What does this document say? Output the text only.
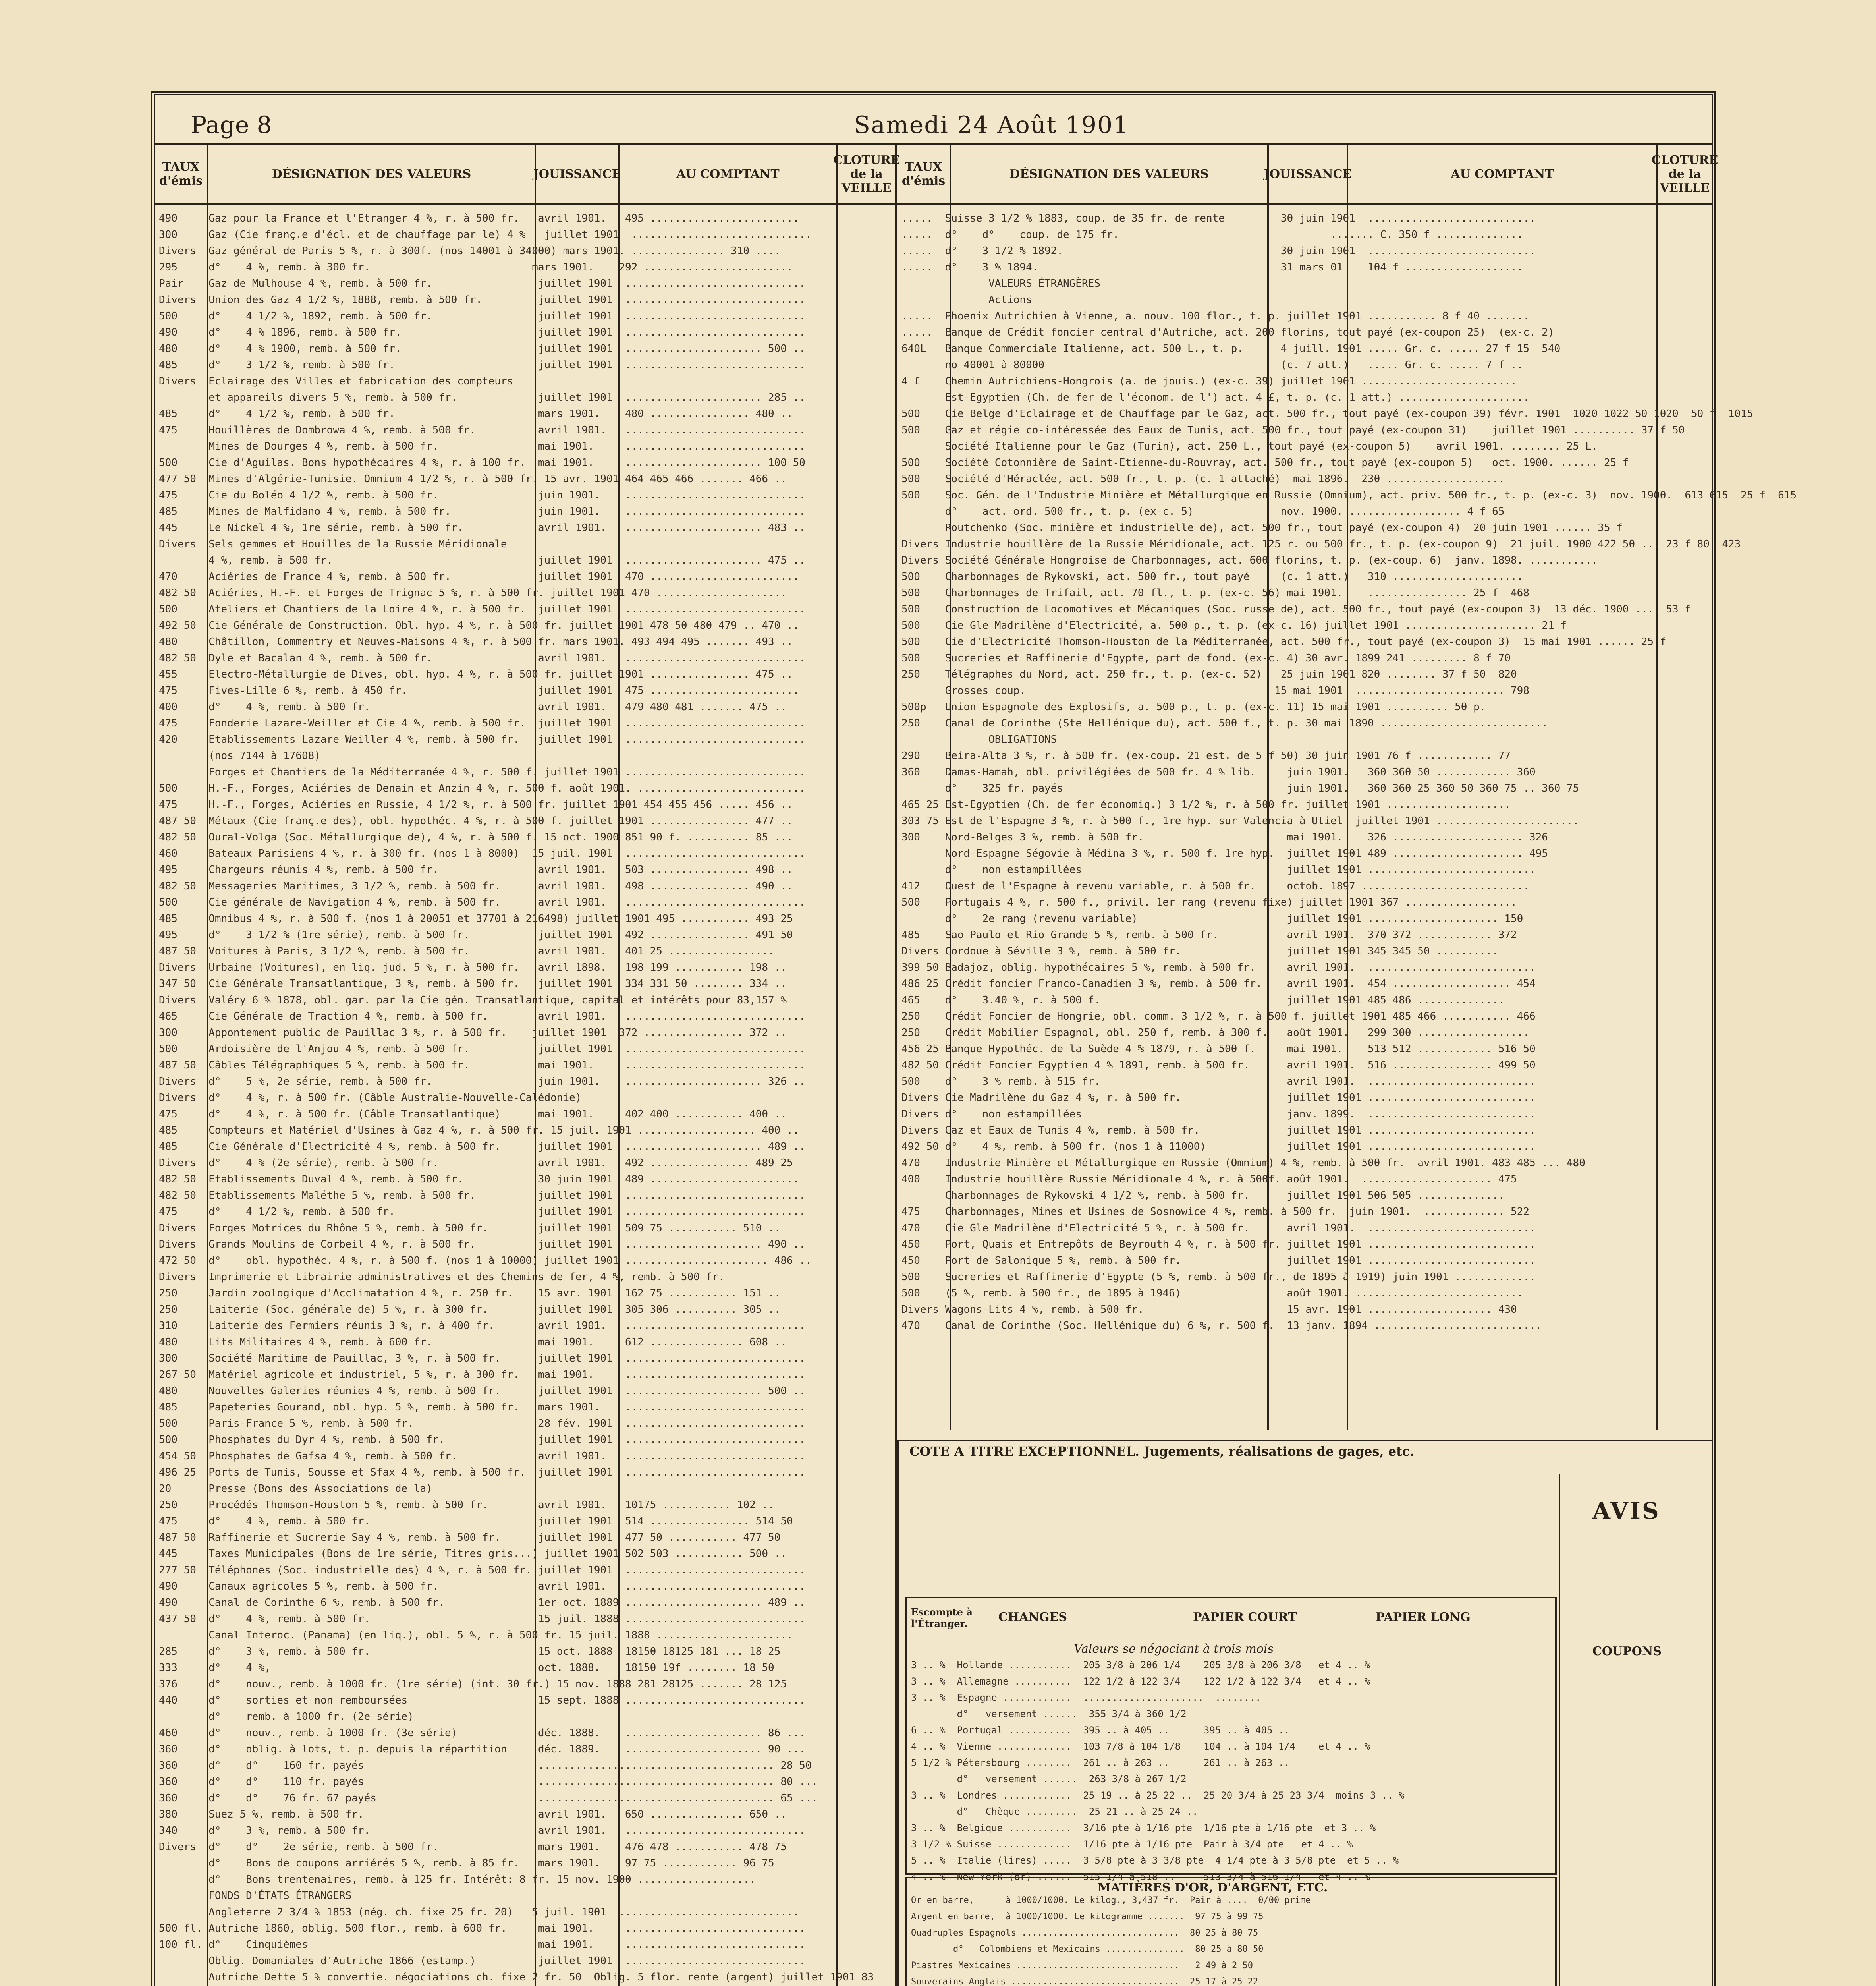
Page 8	Samedi 24 Août 1901
TAUX d'émis	DÉSIGNATION DES VALEURS	JOUISSANCE	AU COMPTANT
CLOTURE de la VEILLE
TAUX d'émis	DÉSIGNATION DES VALEURS	JOUISSANCE	AU COMPTANT
CLOTURE de la VEILLE
490     Gaz pour la France et l'Etranger 4 %, r. à 500 fr.   avril 1901.   495 ........................
300     Gaz (Cie franç.e d'écl. et de chauffage par le) 4 %   juillet 1901  .............................
Divers  Gaz général de Paris 5 %, r. à 300f. (nos 14001 à 34000) mars 1901. ............... 310 ....
295     d°    4 %, remb. à 300 fr.                          mars 1901.    292 ........................
Pair    Gaz de Mulhouse 4 %, remb. à 500 fr.                 juillet 1901  .............................
Divers  Union des Gaz 4 1/2 %, 1888, remb. à 500 fr.         juillet 1901  .............................
500     d°    4 1/2 %, 1892, remb. à 500 fr.                 juillet 1901  .............................
490     d°    4 % 1896, remb. à 500 fr.                      juillet 1901  .............................
480     d°    4 % 1900, remb. à 500 fr.                      juillet 1901  ...................... 500 ..
485     d°    3 1/2 %, remb. à 500 fr.                       juillet 1901  .............................
Divers  Eclairage des Villes et fabrication des compteurs
et appareils divers 5 %, remb. à 500 fr.             juillet 1901  ...................... 285 ..
485     d°    4 1/2 %, remb. à 500 fr.                       mars 1901.    480 ................ 480 ..
475     Houillères de Dombrowa 4 %, remb. à 500 fr.          avril 1901.   .............................
Mines de Dourges 4 %, remb. à 500 fr.                mai 1901.     .............................
500     Cie d'Aguilas. Bons hypothécaires 4 %, r. à 100 fr.  mai 1901.     ...................... 100 50
477 50  Mines d'Algérie-Tunisie. Omnium 4 1/2 %, r. à 500 fr. 15 avr. 1901 464 465 466 ....... 466 ..
475     Cie du Boléo 4 1/2 %, remb. à 500 fr.                juin 1901.    .............................
485     Mines de Malfidano 4 %, remb. à 500 fr.              juin 1901.    .............................
445     Le Nickel 4 %, 1re série, remb. à 500 fr.            avril 1901.   ...................... 483 ..
Divers  Sels gemmes et Houilles de la Russie Méridionale
4 %, remb. à 500 fr.                                 juillet 1901  ...................... 475 ..
470     Aciéries de France 4 %, remb. à 500 fr.              juillet 1901  470 ........................
482 50  Aciéries, H.-F. et Forges de Trignac 5 %, r. à 500 fr. juillet 1901 470 .....................
500     Ateliers et Chantiers de la Loire 4 %, r. à 500 fr.  juillet 1901  .............................
492 50  Cie Générale de Construction. Obl. hyp. 4 %, r. à 500 fr. juillet 1901 478 50 480 479 .. 470 ..
480     Châtillon, Commentry et Neuves-Maisons 4 %, r. à 500 fr. mars 1901. 493 494 495 ....... 493 ..
482 50  Dyle et Bacalan 4 %, remb. à 500 fr.                 avril 1901.   .............................
455     Electro-Métallurgie de Dives, obl. hyp. 4 %, r. à 500 fr. juillet 1901 ................ 475 ..
475     Fives-Lille 6 %, remb. à 450 fr.                     juillet 1901  475 ........................
400     d°    4 %, remb. à 500 fr.                           avril 1901.   479 480 481 ....... 475 ..
475     Fonderie Lazare-Weiller et Cie 4 %, remb. à 500 fr.  juillet 1901  .............................
420     Etablissements Lazare Weiller 4 %, remb. à 500 fr.   juillet 1901  .............................
(nos 7144 à 17608)
Forges et Chantiers de la Méditerranée 4 %, r. 500 f. juillet 1901 .............................
500     H.-F., Forges, Aciéries de Denain et Anzin 4 %, r. 500 f. août 1901. ...........................
475     H.-F., Forges, Aciéries en Russie, 4 1/2 %, r. à 500 fr. juillet 1901 454 455 456 ..... 456 ..
487 50  Métaux (Cie franç.e des), obl. hypothéc. 4 %, r. à 500 f. juillet 1901 ................ 477 ..
482 50  Oural-Volga (Soc. Métallurgique de), 4 %, r. à 500 f. 15 oct. 1900 851 90 f. .......... 85 ...
460     Bateaux Parisiens 4 %, r. à 300 fr. (nos 1 à 8000)  15 juil. 1901  .............................
495     Chargeurs réunis 4 %, remb. à 500 fr.                avril 1901.   503 ................ 498 ..
482 50  Messageries Maritimes, 3 1/2 %, remb. à 500 fr.      avril 1901.   498 ................ 490 ..
500     Cie générale de Navigation 4 %, remb. à 500 fr.      avril 1901.   .............................
485     Omnibus 4 %, r. à 500 f. (nos 1 à 20051 et 37701 à 216498) juillet 1901 495 ........... 493 25
495     d°    3 1/2 % (1re série), remb. à 500 fr.           juillet 1901  492 ................ 491 50
487 50  Voitures à Paris, 3 1/2 %, remb. à 500 fr.           avril 1901.   401 25 .................
Divers  Urbaine (Voitures), en liq. jud. 5 %, r. à 500 fr.   avril 1898.   198 199 ........... 198 ..
347 50  Cie Générale Transatlantique, 3 %, remb. à 500 fr.   juillet 1901  334 331 50 ........ 334 ..
Divers  Valéry 6 % 1878, obl. gar. par la Cie gén. Transatlantique, capital et intérêts pour 83,157 %
465     Cie Générale de Traction 4 %, remb. à 500 fr.        avril 1901.   .............................
300     Appontement public de Pauillac 3 %, r. à 500 fr.    juillet 1901  372 ................ 372 ..
500     Ardoisière de l'Anjou 4 %, remb. à 500 fr.           juillet 1901  .............................
487 50  Câbles Télégraphiques 5 %, remb. à 500 fr.           mai 1901.     .............................
Divers  d°    5 %, 2e série, remb. à 500 fr.                 juin 1901.    ...................... 326 ..
Divers  d°    4 %, r. à 500 fr. (Câble Australie-Nouvelle-Calédonie)
475     d°    4 %, r. à 500 fr. (Câble Transatlantique)      mai 1901.     402 400 ........... 400 ..
485     Compteurs et Matériel d'Usines à Gaz 4 %, r. à 500 fr. 15 juil. 1901 ................... 400 ..
485     Cie Générale d'Electricité 4 %, remb. à 500 fr.      juillet 1901  ...................... 489 ..
Divers  d°    4 % (2e série), remb. à 500 fr.                avril 1901.   492 ................ 489 25
482 50  Etablissements Duval 4 %, remb. à 500 fr.            30 juin 1901  489 ........................
482 50  Etablissements Maléthe 5 %, remb. à 500 fr.          juillet 1901  .............................
475     d°    4 1/2 %, remb. à 500 fr.                       juillet 1901  .............................
Divers  Forges Motrices du Rhône 5 %, remb. à 500 fr.        juillet 1901  509 75 ........... 510 ..
Divers  Grands Moulins de Corbeil 4 %, r. à 500 fr.          juillet 1901  ...................... 490 ..
472 50  d°    obl. hypothéc. 4 %, r. à 500 f. (nos 1 à 10000) juillet 1901 ....................... 486 ..
Divers  Imprimerie et Librairie administratives et des Chemins de fer, 4 %, remb. à 500 fr.
250     Jardin zoologique d'Acclimatation 4 %, r. 250 fr.    15 avr. 1901  162 75 ........... 151 ..
250     Laiterie (Soc. générale de) 5 %, r. à 300 fr.        juillet 1901  305 306 .......... 305 ..
310     Laiterie des Fermiers réunis 3 %, r. à 400 fr.       avril 1901.   .............................
480     Lits Militaires 4 %, remb. à 600 fr.                 mai 1901.     612 ............... 608 ..
300     Société Maritime de Pauillac, 3 %, r. à 500 fr.      juillet 1901  .............................
267 50  Matériel agricole et industriel, 5 %, r. à 300 fr.   mai 1901.     .............................
480     Nouvelles Galeries réunies 4 %, remb. à 500 fr.      juillet 1901  ...................... 500 ..
485     Papeteries Gourand, obl. hyp. 5 %, remb. à 500 fr.   mars 1901.    .............................
500     Paris-France 5 %, remb. à 500 fr.                    28 fév. 1901  .............................
500     Phosphates du Dyr 4 %, remb. à 500 fr.               juillet 1901  .............................
454 50  Phosphates de Gafsa 4 %, remb. à 500 fr.             avril 1901.   .............................
496 25  Ports de Tunis, Sousse et Sfax 4 %, remb. à 500 fr.  juillet 1901  .............................
20      Presse (Bons des Associations de la)
250     Procédés Thomson-Houston 5 %, remb. à 500 fr.        avril 1901.   10175 ........... 102 ..
475     d°    4 %, remb. à 500 fr.                           juillet 1901  514 ................ 514 50
487 50  Raffinerie et Sucrerie Say 4 %, remb. à 500 fr.      juillet 1901  477 50 ........... 477 50
445     Taxes Municipales (Bons de 1re série, Titres gris...) juillet 1901 502 503 ........... 500 ..
277 50  Téléphones (Soc. industrielle des) 4 %, r. à 500 fr. juillet 1901  .............................
490     Canaux agricoles 5 %, remb. à 500 fr.                avril 1901.   .............................
490     Canal de Corinthe 6 %, remb. à 500 fr.               1er oct. 1889 ...................... 489 ..
437 50  d°    4 %, remb. à 500 fr.                           15 juil. 1888 .............................
Canal Interoc. (Panama) (en liq.), obl. 5 %, r. à 500 fr. 15 juil. 1888 ......................
285     d°    3 %, remb. à 500 fr.                           15 oct. 1888  18150 18125 181 ... 18 25
333     d°    4 %,                                           oct. 1888.    18150 19f ........ 18 50
376     d°    nouv., remb. à 1000 fr. (1re série) (int. 30 fr.) 15 nov. 1888 281 28125 ....... 28 125
440     d°    sorties et non remboursées                     15 sept. 1888 .............................
d°    remb. à 1000 fr. (2e série)
460     d°    nouv., remb. à 1000 fr. (3e série)             déc. 1888.    ...................... 86 ...
360     d°    oblig. à lots, t. p. depuis la répartition     déc. 1889.    ...................... 90 ...
360     d°    d°    160 fr. payés                            ...................................... 28 50
360     d°    d°    110 fr. payés                            ...................................... 80 ...
360     d°    d°    76 fr. 67 payés                          ...................................... 65 ...
380     Suez 5 %, remb. à 500 fr.                            avril 1901.   650 ............... 650 ..
340     d°    3 %, remb. à 500 fr.                           avril 1901.   .............................
Divers  d°    d°    2e série, remb. à 500 fr.                mars 1901.    476 478 ........... 478 75
d°    Bons de coupons arriérés 5 %, remb. à 85 fr.   mars 1901.    97 75 ............ 96 75
d°    Bons trentenaires, remb. à 125 fr. Intérêt: 8 fr. 15 nov. 1900 ...................
FONDS D'ÉTATS ÉTRANGERS
Angleterre 2 3/4 % 1853 (nég. ch. fixe 25 fr. 20)   5 juil. 1901  .............................
500 fl. Autriche 1860, oblig. 500 flor., remb. à 600 fr.     mai 1901.     .............................
100 fl. d°    Cinquièmes                                     mai 1901.     .............................
Oblig. Domaniales d'Autriche 1866 (estamp.)          juillet 1901  .............................
Autriche Dette 5 % convertie. négociations ch. fixe 2 fr. 50  Oblig. 5 flor. rente (argent) juillet 1901 83
.....  Suisse 3 1/2 % 1883, coup. de 35 fr. de rente         30 juin 1901  ...........................
.....  d°    d°    coup. de 175 fr.                                  ....... C. 350 f ..............
.....  d°    3 1/2 % 1892.                                   30 juin 1901  ...........................
.....  d°    3 % 1894.                                       31 mars 01    104 f ...................
VALEURS ÉTRANGÈRES
Actions
.....  Phoenix Autrichien à Vienne, a. nouv. 100 flor., t. p. juillet 1901 ........... 8 f 40 .......
.....  Banque de Crédit foncier central d'Autriche, act. 200 florins, tout payé (ex-coupon 25)  (ex-c. 2)
640L   Banque Commerciale Italienne, act. 500 L., t. p.      4 juill. 1901 ..... Gr. c. ..... 27 f 15  540
no 40001 à 80000                                      (c. 7 att.)   ..... Gr. c. ..... 7 f ..
4 £    Chemin Autrichiens-Hongrois (a. de jouis.) (ex-c. 39) juillet 1901 .........................
Est-Egyptien (Ch. de fer de l'économ. de l') act. 4 £, t. p. (c. 1 att.) .....................
500    Cie Belge d'Eclairage et de Chauffage par le Gaz, act. 500 fr., tout payé (ex-coupon 39) févr. 1901  1020 1022 50 1020  50 f  1015
500    Gaz et régie co-intéressée des Eaux de Tunis, act. 500 fr., tout payé (ex-coupon 31)    juillet 1901 .......... 37 f 50
Société Italienne pour le Gaz (Turin), act. 250 L., tout payé (ex-coupon 5)    avril 1901. ........ 25 L.
500    Société Cotonnière de Saint-Etienne-du-Rouvray, act. 500 fr., tout payé (ex-coupon 5)   oct. 1900. ...... 25 f
500    Société d'Héraclée, act. 500 fr., t. p. (c. 1 attaché)  mai 1896.  230 ...................
500    Soc. Gén. de l'Industrie Minière et Métallurgique en Russie (Omnium), act. priv. 500 fr., t. p. (ex-c. 3)  nov. 1900.  613 615  25 f  615
d°    act. ord. 500 fr., t. p. (ex-c. 5)              nov. 1900. .................. 4 f 65
Routchenko (Soc. minière et industrielle de), act. 500 fr., tout payé (ex-coupon 4)  20 juin 1901 ...... 35 f
Divers Industrie houillère de la Russie Méridionale, act. 125 r. ou 500 fr., t. p. (ex-coupon 9)  21 juil. 1900 422 50 ... 23 f 80  423
Divers Société Générale Hongroise de Charbonnages, act. 600 florins, t. p. (ex-coup. 6)  janv. 1898. ...........
500    Charbonnages de Rykovski, act. 500 fr., tout payé     (c. 1 att.)   310 .....................
500    Charbonnages de Trifail, act. 70 fl., t. p. (ex-c. 56) mai 1901.    ................ 25 f  468
500    Construction de Locomotives et Mécaniques (Soc. russe de), act. 500 fr., tout payé (ex-coupon 3)  13 déc. 1900 .... 53 f
500    Cie Gle Madrilène d'Electricité, a. 500 p., t. p. (ex-c. 16) juillet 1901 ..................... 21 f
500    Cie d'Electricité Thomson-Houston de la Méditerranée, act. 500 fr., tout payé (ex-coupon 3)  15 mai 1901 ...... 25 f
500    Sucreries et Raffinerie d'Egypte, part de fond. (ex-c. 4) 30 avr. 1899 241 ......... 8 f 70
250    Télégraphes du Nord, act. 250 fr., t. p. (ex-c. 52)   25 juin 1901 820 ........ 37 f 50  820
Grosses coup.                                        15 mai 1901  ........................ 798
500p   Union Espagnole des Explosifs, a. 500 p., t. p. (ex-c. 11) 15 mai 1901 .......... 50 p.
250    Canal de Corinthe (Ste Hellénique du), act. 500 f., t. p. 30 mai 1890 ...........................
OBLIGATIONS
290    Beira-Alta 3 %, r. à 500 fr. (ex-coup. 21 est. de 5 f 50) 30 juin 1901 76 f ............ 77
360    Damas-Hamah, obl. privilégiées de 500 fr. 4 % lib.     juin 1901.   360 360 50 ............ 360
d°    325 fr. payés                                    juin 1901.   360 360 25 360 50 360 75 .. 360 75
465 25 Est-Egyptien (Ch. de fer économiq.) 3 1/2 %, r. à 500 fr. juillet 1901 ....................
303 75 Est de l'Espagne 3 %, r. à 500 f., 1re hyp. sur Valencia à Utiel  juillet 1901 .......................
300    Nord-Belges 3 %, remb. à 500 fr.                       mai 1901.    326 ..................... 326
Nord-Espagne Ségovie à Médina 3 %, r. 500 f. 1re hyp.  juillet 1901 489 ..................... 495
d°    non estampillées                                 juillet 1901 ...........................
412    Ouest de l'Espagne à revenu variable, r. à 500 fr.     octob. 1897 ...........................
500    Portugais 4 %, r. 500 f., privil. 1er rang (revenu fixe) juillet 1901 367 ..................
d°    2e rang (revenu variable)                        juillet 1901 ..................... 150
485    Sao Paulo et Rio Grande 5 %, remb. à 500 fr.           avril 1901.  370 372 ............ 372
Divers Cordoue à Séville 3 %, remb. à 500 fr.                 juillet 1901 345 345 50 ..........
399 50 Badajoz, oblig. hypothécaires 5 %, remb. à 500 fr.     avril 1901.  ...........................
486 25 Crédit foncier Franco-Canadien 3 %, remb. à 500 fr.    avril 1901.  454 ................... 454
465    d°    3.40 %, r. à 500 f.                              juillet 1901 485 486 ..............
250    Crédit Foncier de Hongrie, obl. comm. 3 1/2 %, r. à 500 f. juillet 1901 485 466 ........... 466
250    Crédit Mobilier Espagnol, obl. 250 f, remb. à 300 f.   août 1901.   299 300 ..................
456 25 Banque Hypothéc. de la Suède 4 % 1879, r. à 500 f.     mai 1901.    513 512 ............ 516 50
482 50 Crédit Foncier Egyptien 4 % 1891, remb. à 500 fr.      avril 1901.  516 ................ 499 50
500    d°    3 % remb. à 515 fr.                              avril 1901.  ...........................
Divers Cie Madrilène du Gaz 4 %, r. à 500 fr.                 juillet 1901 ...........................
Divers d°    non estampillées                                 janv. 1899.  ...........................
Divers Gaz et Eaux de Tunis 4 %, remb. à 500 fr.              juillet 1901 ...........................
492 50 d°    4 %, remb. à 500 fr. (nos 1 à 11000)             juillet 1901 ...........................
470    Industrie Minière et Métallurgique en Russie (Omnium) 4 %, remb. à 500 fr.  avril 1901. 483 485 ... 480
400    Industrie houillère Russie Méridionale 4 %, r. à 500f. août 1901.  ..................... 475
Charbonnages de Rykovski 4 1/2 %, remb. à 500 fr.      juillet 1901 506 505 ..............
475    Charbonnages, Mines et Usines de Sosnowice 4 %, remb. à 500 fr.  juin 1901.  ............. 522
470    Cie Gle Madrilène d'Electricité 5 %, r. à 500 fr.      avril 1901.  ...........................
450    Port, Quais et Entrepôts de Beyrouth 4 %, r. à 500 fr. juillet 1901 ...........................
450    Port de Salonique 5 %, remb. à 500 fr.                 juillet 1901 ...........................
500    Sucreries et Raffinerie d'Egypte (5 %, remb. à 500 fr., de 1895 à 1919) juin 1901 .............
500    (5 %, remb. à 500 fr., de 1895 à 1946)                 août 1901. ...........................
Divers Wagons-Lits 4 %, remb. à 500 fr.                       15 avr. 1901 .................... 430
470    Canal de Corinthe (Soc. Hellénique du) 6 %, r. 500 f.  13 janv. 1894 ...........................
COTE A TITRE EXCEPTIONNEL. Jugements, réalisations de gages, etc.
AVIS
COUPONS
Escompte à l'Étranger.	CHANGES	PAPIER COURT	PAPIER LONG
Valeurs se négociant à trois mois
3 .. %  Hollande ...........  205 3/8 à 206 1/4    205 3/8 à 206 3/8   et 4 .. %
3 .. %  Allemagne ..........  122 1/2 à 122 3/4    122 1/2 à 122 3/4   et 4 .. %
3 .. %  Espagne ............  .....................  ........
d°   versement ......  355 3/4 à 360 1/2
6 .. %  Portugal ...........  395 .. à 405 ..      395 .. à 405 ..
4 .. %  Vienne .............  103 7/8 à 104 1/8    104 .. à 104 1/4    et 4 .. %
5 1/2 % Pétersbourg ........  261 .. à 263 ..      261 .. à 263 ..
d°   versement ......  263 3/8 à 267 1/2
3 .. %  Londres ............  25 19 .. à 25 22 ..  25 20 3/4 à 25 23 3/4  moins 3 .. %
d°   Chèque .........  25 21 .. à 25 24 ..
3 .. %  Belgique ...........  3/16 pte à 1/16 pte  1/16 pte à 1/16 pte  et 3 .. %
3 1/2 % Suisse .............  1/16 pte à 1/16 pte  Pair à 3/4 pte   et 4 .. %
5 .. %  Italie (lires) .....  3 5/8 pte à 3 3/8 pte  4 1/4 pte à 3 5/8 pte  et 5 .. %
4 .. %  New-York (or) ......  515 1/4 à 518 ..     513 3/4 à 516 1/4   et 4 .. %
MATIÈRES D'OR, D'ARGENT, ETC.
Or en barre,      à 1000/1000. Le kilog., 3,437 fr.  Pair à ....  0/00 prime
Argent en barre,  à 1000/1000. Le kilogramme .......  97 75 à 99 75
Quadruples Espagnols ..............................  80 25 à 80 75
d°   Colombiens et Mexicains ...............  80 25 à 80 50
Piastres Mexicaines ...............................   2 49 à 2 50
Souverains Anglais ................................  25 17 à 25 22
